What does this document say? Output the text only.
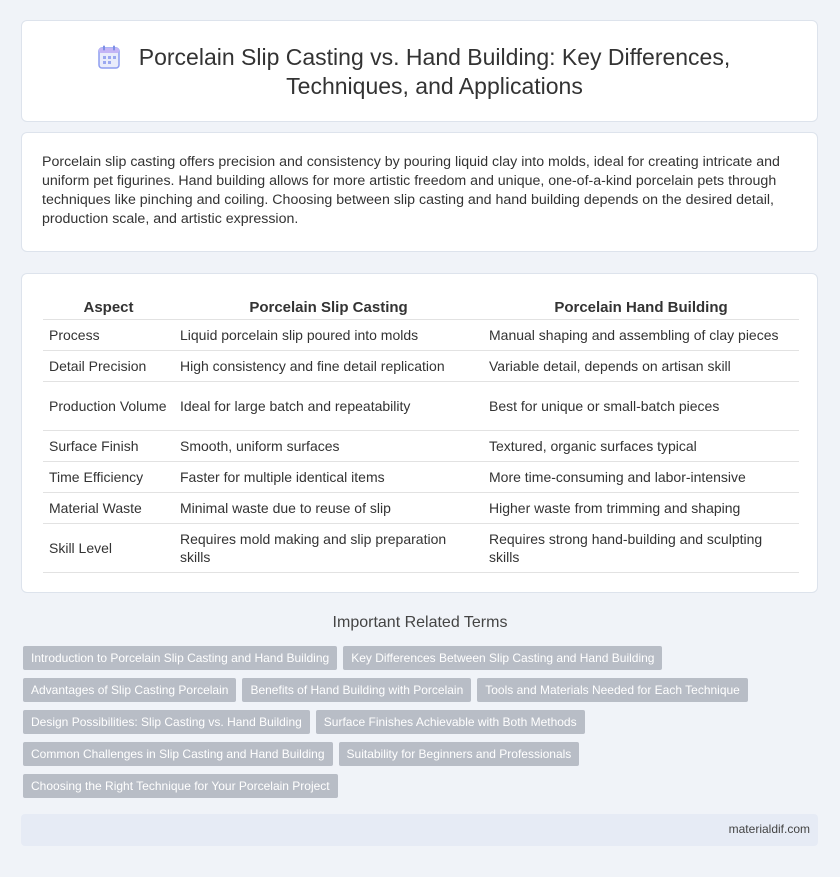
Porcelain Slip Casting vs. Hand Building: Key Differences, Techniques, and Applications
Porcelain slip casting offers precision and consistency by pouring liquid clay into molds, ideal for creating intricate and uniform pet figurines. Hand building allows for more artistic freedom and unique, one-of-a-kind porcelain pets through techniques like pinching and coiling. Choosing between slip casting and hand building depends on the desired detail, production scale, and artistic expression.
Aspect	Porcelain Slip Casting	Porcelain Hand Building
Process	Liquid porcelain slip poured into molds	Manual shaping and assembling of clay pieces
Detail Precision	High consistency and fine detail replication	Variable detail, depends on artisan skill
Production Volume	Ideal for large batch and repeatability	Best for unique or small-batch pieces
Surface Finish	Smooth, uniform surfaces	Textured, organic surfaces typical
Time Efficiency	Faster for multiple identical items	More time-consuming and labor-intensive
Material Waste	Minimal waste due to reuse of slip	Higher waste from trimming and shaping
Skill Level	Requires mold making and slip preparation skills	Requires strong hand-building and sculpting skills
Important Related Terms
Introduction to Porcelain Slip Casting and Hand Building Key Differences Between Slip Casting and Hand Building
Advantages of Slip Casting Porcelain Benefits of Hand Building with Porcelain Tools and Materials Needed for Each Technique
Design Possibilities: Slip Casting vs. Hand Building Surface Finishes Achievable with Both Methods
Common Challenges in Slip Casting and Hand Building Suitability for Beginners and Professionals
Choosing the Right Technique for Your Porcelain Project
materialdif.com
